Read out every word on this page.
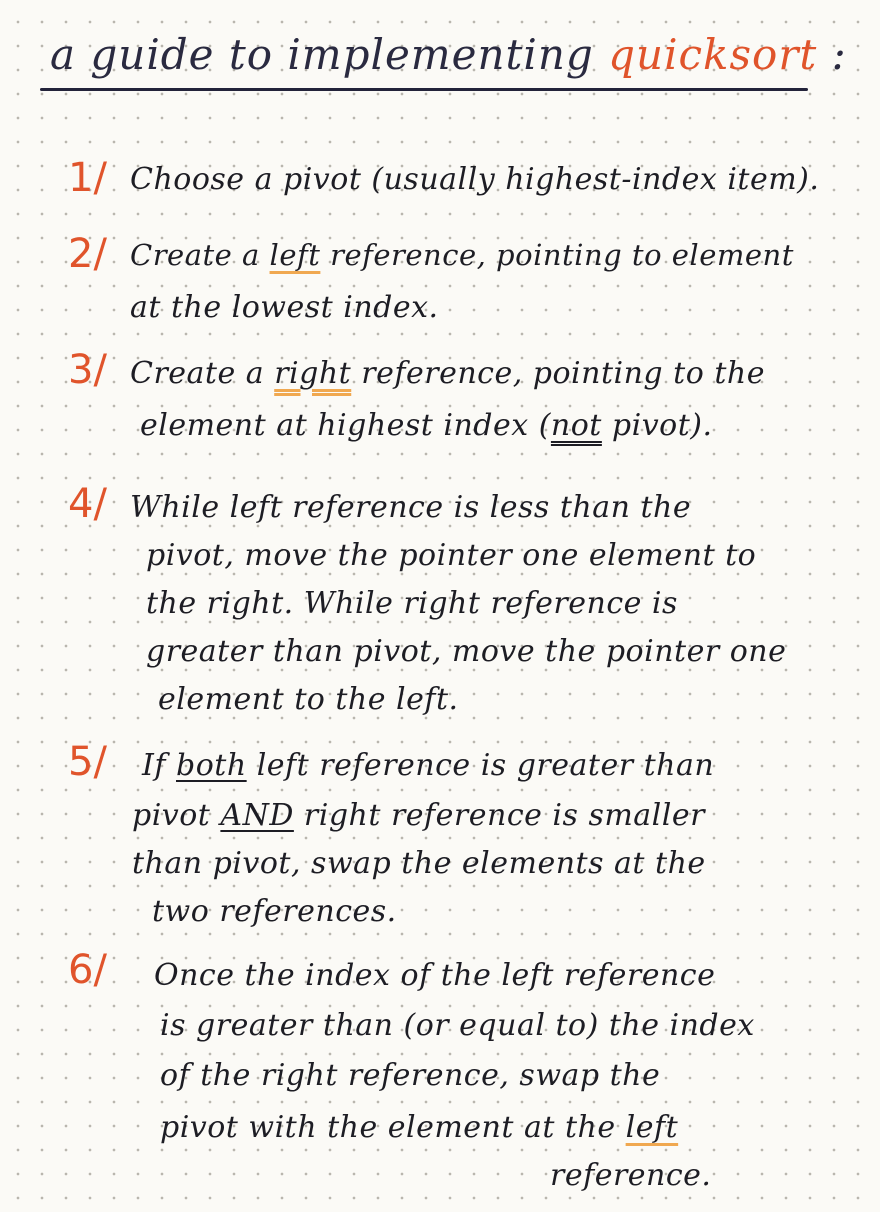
a guide to implementing quicksort :
1/ Choose a pivot (usually highest-index item).
2/ Create a left reference, pointing to element
at the lowest index.
3/ Create a right reference, pointing to the
element at highest index (not pivot).
4/ While left reference is less than the
pivot, move the pointer one element to
the right. While right reference is
greater than pivot, move the pointer one
element to the left.
5/ If both left reference is greater than
pivot AND right reference is smaller
than pivot, swap the elements at the
two references.
6/ Once the index of the left reference
is greater than (or equal to) the index
of the right reference, swap the
pivot with the element at the left
reference.
